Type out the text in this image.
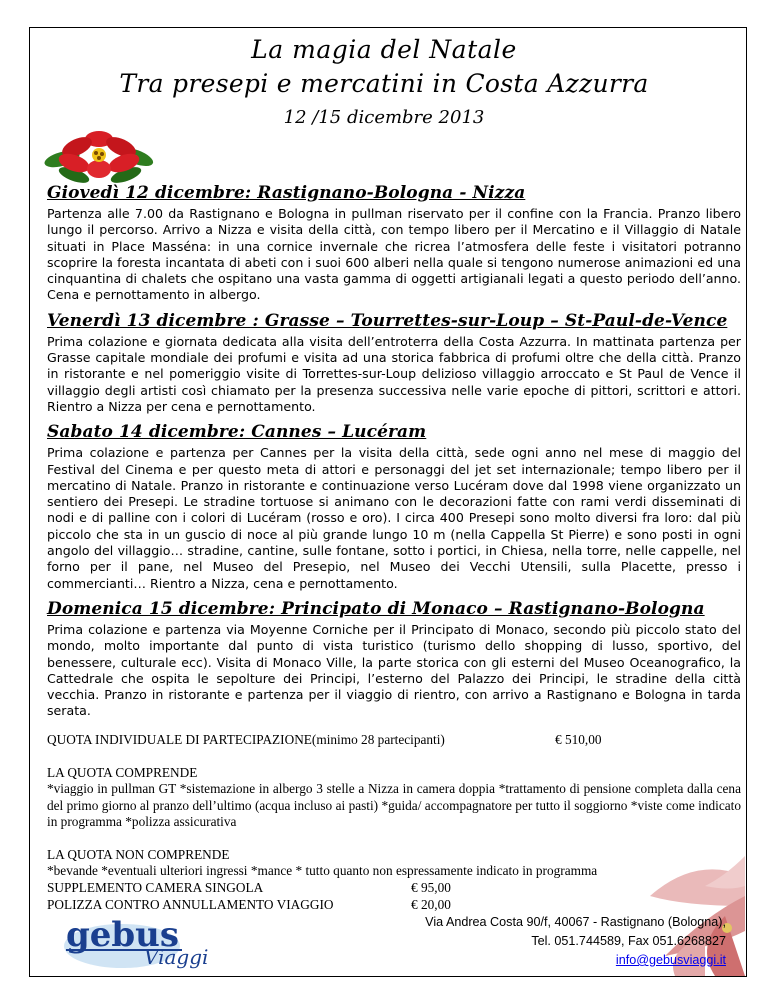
La magia del Natale
Tra presepi e mercatini in Costa Azzurra
12 /15 dicembre 2013
Giovedì 12 dicembre: Rastignano-Bologna - Nizza

Partenza alle 7.00 da Rastignano e Bologna in pullman riservato per il confine con la Francia. Pranzo libero lungo il percorso. Arrivo a Nizza e visita della città, con tempo libero per il Mercatino e il Villaggio di Natale situati in Place Masséna: in una cornice invernale che ricrea l’atmosfera delle feste i visitatori potranno scoprire la foresta incantata di abeti con i suoi 600 alberi nella quale si tengono numerose animazioni ed una cinquantina di chalets che ospitano una vasta gamma di oggetti artigianali legati a questo periodo dell’anno. Cena e pernottamento in albergo.

Venerdì 13 dicembre : Grasse – Tourrettes-sur-Loup – St-Paul-de-Vence

Prima colazione e giornata dedicata alla visita dell’entroterra della Costa Azzurra. In mattinata partenza per Grasse capitale mondiale dei profumi e visita ad una storica fabbrica di profumi oltre che della città. Pranzo in ristorante e nel pomeriggio visite di Torrettes-sur-Loup delizioso villaggio arroccato e St Paul de Vence il villaggio degli artisti così chiamato per la presenza successiva nelle varie epoche di pittori, scrittori e attori. Rientro a Nizza per cena e pernottamento.

Sabato 14 dicembre: Cannes – Lucéram

Prima colazione e partenza per Cannes per la visita della città, sede ogni anno nel mese di maggio del Festival del Cinema e per questo meta di attori e personaggi del jet set internazionale; tempo libero per il mercatino di Natale. Pranzo in ristorante e continuazione verso Lucéram dove dal 1998 viene organizzato un sentiero dei Presepi. Le stradine tortuose si animano con le decorazioni fatte con rami verdi disseminati di nodi e di palline con i colori di Lucéram (rosso e oro). I circa 400 Presepi sono molto diversi fra loro: dal più piccolo che sta in un guscio di noce al più grande lungo 10 m (nella Cappella St Pierre) e sono posti in ogni angolo del villaggio… stradine, cantine, sulle fontane, sotto i portici, in Chiesa, nella torre, nelle cappelle, nel forno per il pane, nel Museo del Presepio, nel Museo dei Vecchi Utensili, sulla Placette, presso i commercianti… Rientro a Nizza, cena e pernottamento.

Domenica 15 dicembre: Principato di Monaco – Rastignano-Bologna

Prima colazione e partenza via Moyenne Corniche per il Principato di Monaco, secondo più piccolo stato del mondo, molto importante dal punto di vista turistico (turismo dello shopping di lusso, sportivo, del benessere, culturale ecc). Visita di Monaco Ville, la parte storica con gli esterni del Museo Oceanografico, la Cattedrale che ospita le sepolture dei Principi, l’esterno del Palazzo dei Principi, le stradine della città vecchia. Pranzo in ristorante e partenza per il viaggio di rientro, con arrivo a Rastignano e Bologna in tarda serata.

QUOTA INDIVIDUALE DI PARTECIPAZIONE(minimo 28 partecipanti)	€ 510,00
LA QUOTA COMPRENDE
*viaggio in pullman GT *sistemazione in albergo 3 stelle a Nizza in camera doppia *trattamento di pensione completa dalla cena del primo giorno al pranzo dell’ultimo (acqua incluso ai pasti) *guida/ accompagnatore per tutto il soggiorno *viste come indicato in programma *polizza assicurativa
LA QUOTA NON COMPRENDE
*bevande *eventuali ulteriori ingressi *mance * tutto quanto non espressamente indicato in programma
SUPPLEMENTO CAMERA SINGOLA	€ 95,00
POLIZZA CONTRO ANNULLAMENTO VIAGGIO	€ 20,00
gebus
Viaggi
Via Andrea Costa 90/f, 40067 - Rastignano (Bologna),
Tel. 051.744589, Fax 051.6268827
info@gebusviaggi.it
